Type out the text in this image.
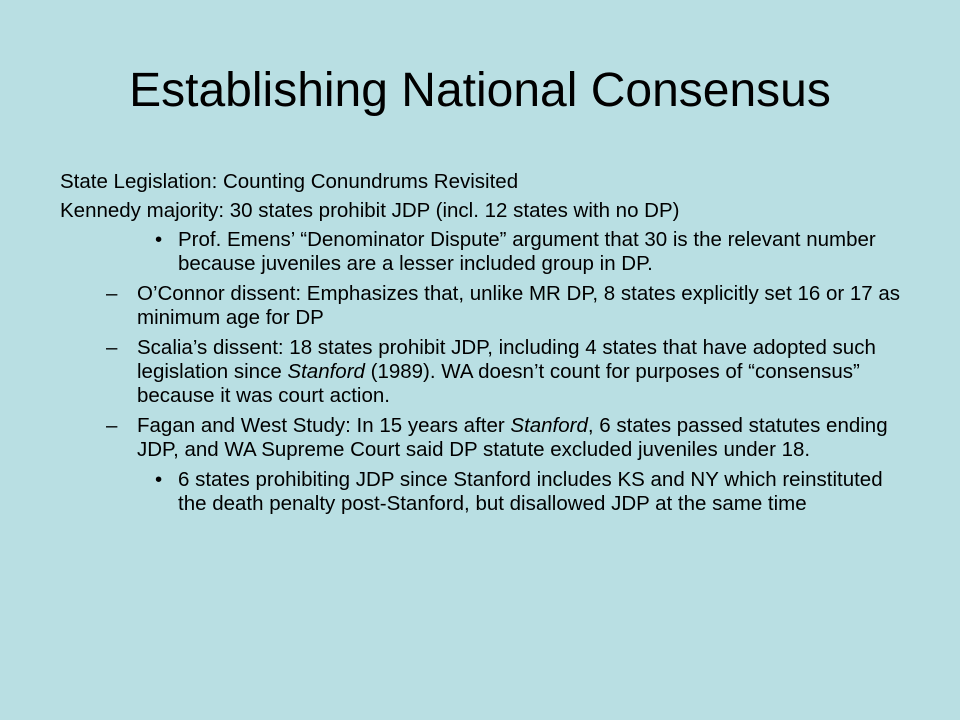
Establishing National Consensus
State Legislation: Counting Conundrums Revisited
Kennedy majority: 30 states prohibit JDP (incl. 12 states with no DP)
• Prof. Emens’ “Denominator Dispute” argument that 30 is the relevant number because juveniles are a lesser included group in DP.
– O’Connor dissent: Emphasizes that, unlike MR DP, 8 states explicitly set 16 or 17 as minimum age for DP
– Scalia’s dissent: 18 states prohibit JDP, including 4 states that have adopted such legislation since Stanford (1989). WA doesn’t count for purposes of “consensus” because it was court action.
– Fagan and West Study: In 15 years after Stanford, 6 states passed statutes ending JDP, and WA Supreme Court said DP statute excluded juveniles under 18.
• 6 states prohibiting JDP since Stanford includes KS and NY which reinstituted the death penalty post-Stanford, but disallowed JDP at the same time
